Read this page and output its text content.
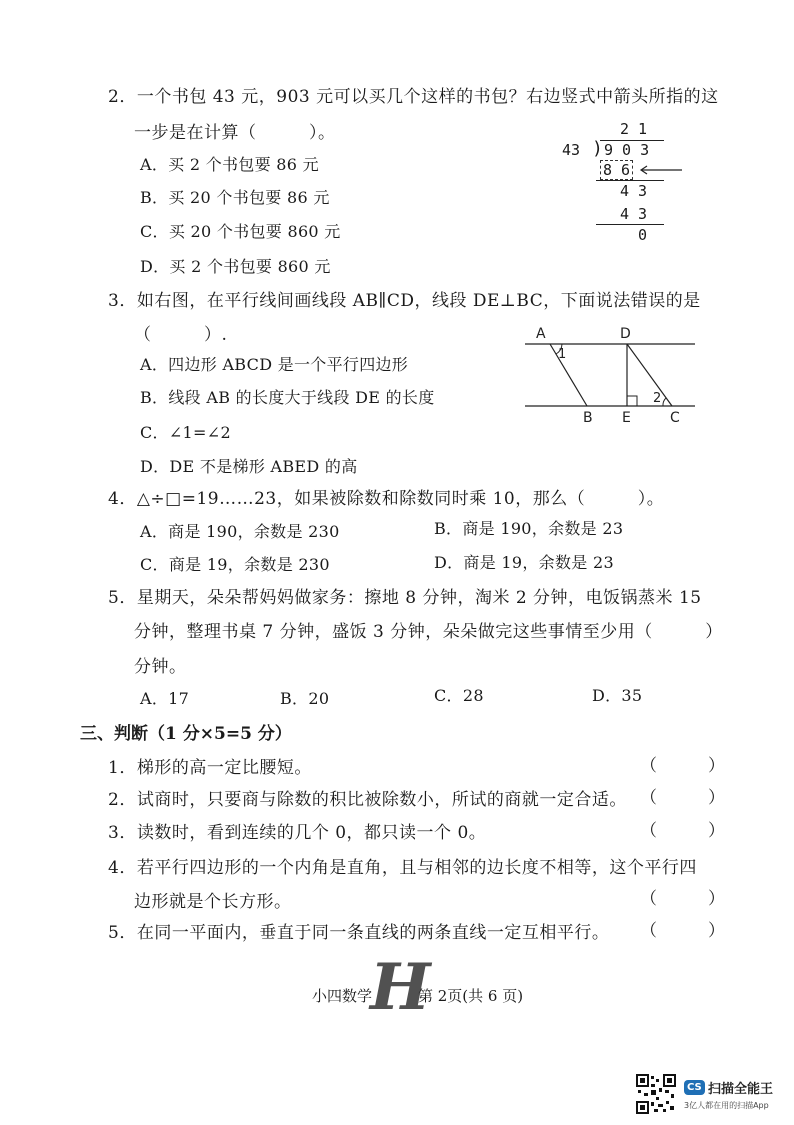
2．一个书包 43 元，903 元可以买几个这样的书包？右边竖式中箭头所指的这
一步是在计算（　　　）。
A．买 2 个书包要 86 元
B．买 20 个书包要 86 元
C．买 20 个书包要 860 元
D．买 2 个书包要 860 元
2 1
43 ) 9 0 3
8 6
4 3
4 3
0
3．如右图，在平行线间画线段 AB∥CD，线段 DE⊥BC，下面说法错误的是
（　　　）.
A．四边形 ABCD 是一个平行四边形
B．线段 AB 的长度大于线段 DE 的长度
C．∠1=∠2
D．DE 不是梯形 ABED 的高
A	D
B E	C
1
2
4．△÷□=19……23，如果被除数和除数同时乘 10，那么（　　　）。
A．商是 190，余数是 230	B．商是 190，余数是 23
C．商是 19，余数是 230	D．商是 19，余数是 23
5．星期天，朵朵帮妈妈做家务：擦地 8 分钟，淘米 2 分钟，电饭锅蒸米 15
分钟，整理书桌 7 分钟，盛饭 3 分钟，朵朵做完这些事情至少用（　　　）
分钟。
A．17	B．20	C．28	D．35
三、判断（1 分×5=5 分）
1．梯形的高一定比腰短。	（　　　）
2．试商时，只要商与除数的积比被除数小，所试的商就一定合适。 （　　　）
3．读数时，看到连续的几个 0，都只读一个 0。	（　　　）
4．若平行四边形的一个内角是直角，且与相邻的边长度不相等，这个平行四
边形就是个长方形。	（　　　）
5．在同一平面内，垂直于同一条直线的两条直线一定互相平行。 （　　　）
小四数学
H
第 2页(共 6 页)
CS 扫描全能王
3亿人都在用的扫描App
